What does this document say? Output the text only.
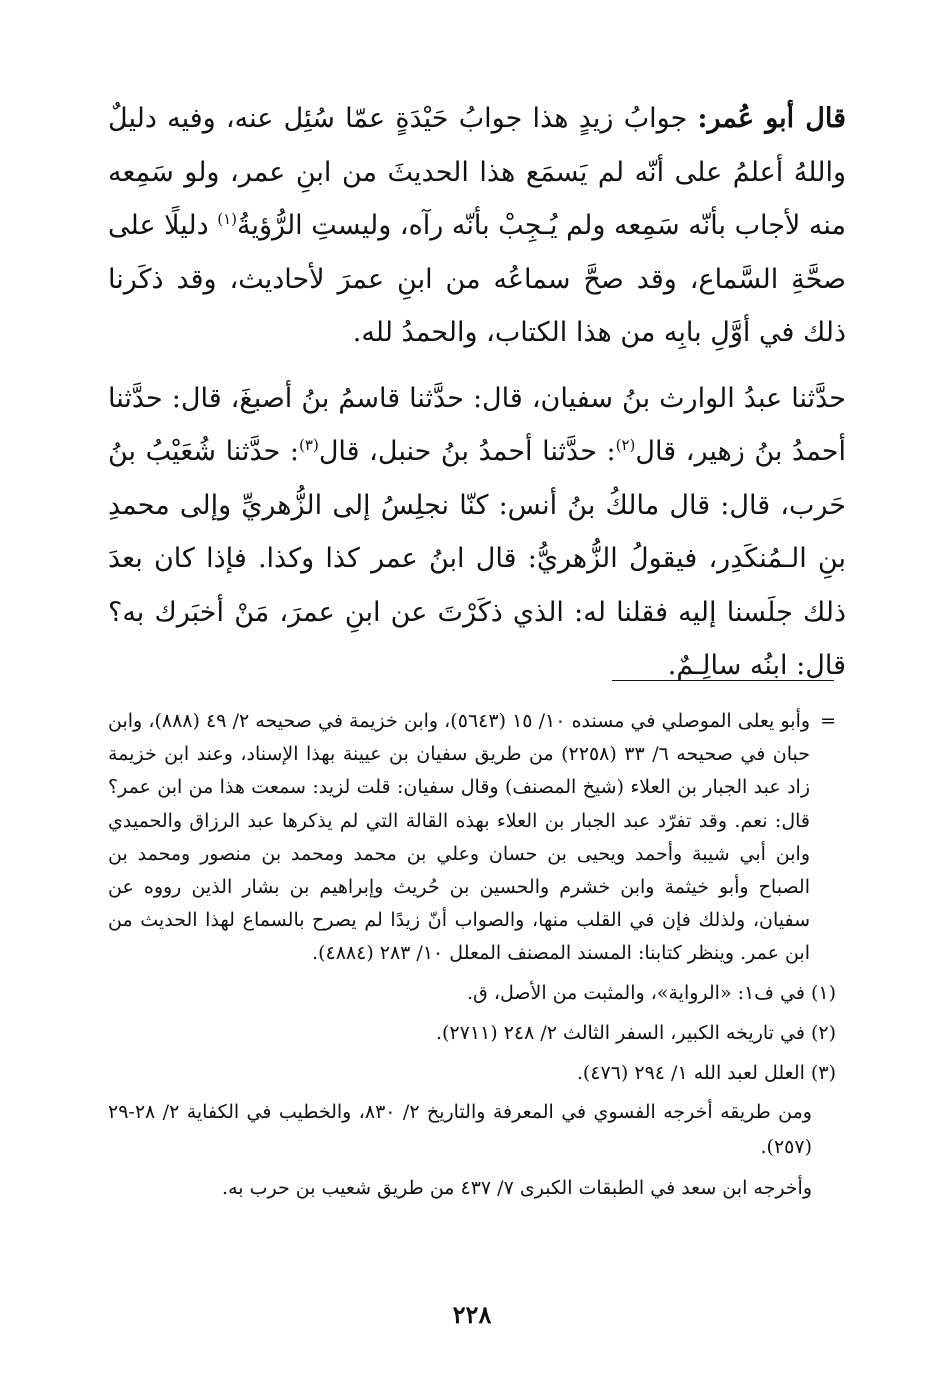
قال أبو عُمر: جوابُ زيدٍ هذا جوابُ حَيْدَةٍ عمّا سُئِل عنه، وفيه دليلٌ واللهُ أعلمُ على أنّه لم يَسمَع هذا الحديثَ من ابنِ عمر، ولو سَمِعه منه لأجاب بأنّه سَمِعه ولم يُـجِبْ بأنّه رآه، وليستِ الرُّؤيةُ$^{(١)}$ دليلًا على صحَّةِ السَّماع، وقد صحَّ سماعُه من ابنِ عمرَ لأحاديث، وقد ذكَرنا ذلك في أوَّلِ بابِه من هذا الكتاب، والحمدُ لله.

حدَّثنا عبدُ الوارث بنُ سفيان، قال: حدَّثنا قاسمُ بنُ أصبغَ، قال: حدَّثنا أحمدُ بنُ زهير، قال$^{(٢)}$: حدَّثنا أحمدُ بنُ حنبل، قال$^{(٣)}$: حدَّثنا شُعَيْبُ بنُ حَرب، قال: قال مالكُ بنُ أنس: كنّا نجلِسُ إلى الزُّهريِّ وإلى محمدِ بنِ الـمُنكَدِر، فيقولُ الزُّهريُّ: قال ابنُ عمر كذا وكذا. فإذا كان بعدَ ذلك جلَسنا إليه فقلنا له: الذي ذكَرْتَ عن ابنِ عمرَ، مَنْ أخبَرك به؟ قال: ابنُه سالِـمٌ.

=
وأبو يعلى الموصلي في مسنده ١٠/ ١٥ (٥٦٤٣)، وابن خزيمة في صحيحه ٢/ ٤٩ (٨٨٨)، وابن حبان في صحيحه ٦/ ٣٣ (٢٢٥٨) من طريق سفيان بن عيينة بهذا الإسناد، وعند ابن خزيمة زاد عبد الجبار بن العلاء (شيخ المصنف) وقال سفيان: قلت لزيد: سمعت هذا من ابن عمر؟ قال: نعم. وقد تفرّد عبد الجبار بن العلاء بهذه القالة التي لم يذكرها عبد الرزاق والحميدي وابن أبي شيبة وأحمد ويحيى بن حسان وعلي بن محمد ومحمد بن منصور ومحمد بن الصباح وأبو خيثمة وابن خشرم والحسين بن حُريث وإبراهيم بن بشار الذين رووه عن سفيان، ولذلك فإن في القلب منها، والصواب أنّ زيدًا لم يصرح بالسماع لهذا الحديث من ابن عمر. وينظر كتابنا: المسند المصنف المعلل ١٠/ ٢٨٣ (٤٨٨٤).

(١) في ف١: «الرواية»، والمثبت من الأصل، ق.

(٢) في تاريخه الكبير، السفر الثالث ٢/ ٢٤٨ (٢٧١١).

(٣) العلل لعبد الله ١/ ٢٩٤ (٤٧٦).

ومن طريقه أخرجه الفسوي في المعرفة والتاريخ ٢/ ٨٣٠، والخطيب في الكفاية ٢/ ٢٨-٢٩ (٢٥٧).

وأخرجه ابن سعد في الطبقات الكبرى ٧/ ٤٣٧ من طريق شعيب بن حرب به.

٢٢٨
